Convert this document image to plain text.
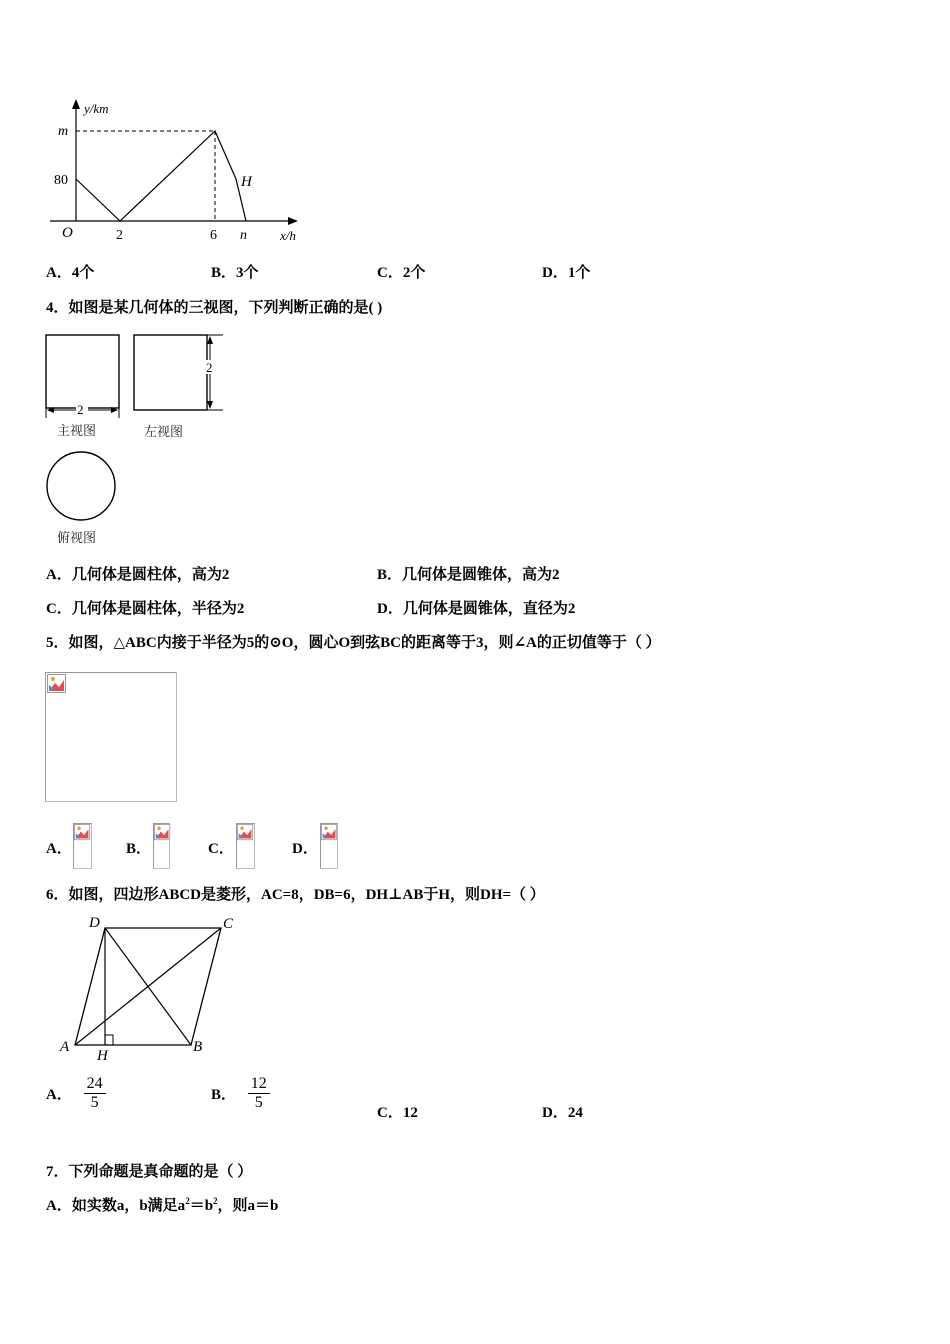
y/km
m
80
O	2	6 n	x/h
H
A．4个	B．3个	C．2个	D．1个
4．如图是某几何体的三视图，下列判断正确的是( )
2
2
主视图	左视图
俯视图
A．几何体是圆柱体，高为2	B．几何体是圆锥体，高为2
C．几何体是圆柱体，半径为2	D．几何体是圆锥体，直径为2
5．如图，△ABC内接于半径为5的⊙O，圆心O到弦BC的距离等于3，则∠A的正切值等于（ ）
A．	B．	C．	D．
6．如图，四边形ABCD是菱形，AC=8，DB=6，DH⊥AB于H，则DH=（ ）
D	C
A	B
H
A． $\frac{24}{5}$	B． $\frac{12}{5}$
C．12	D．24
7．下列命题是真命题的是（ ）
A．如实数a，b满足$a^2=b^2$，则a＝b
